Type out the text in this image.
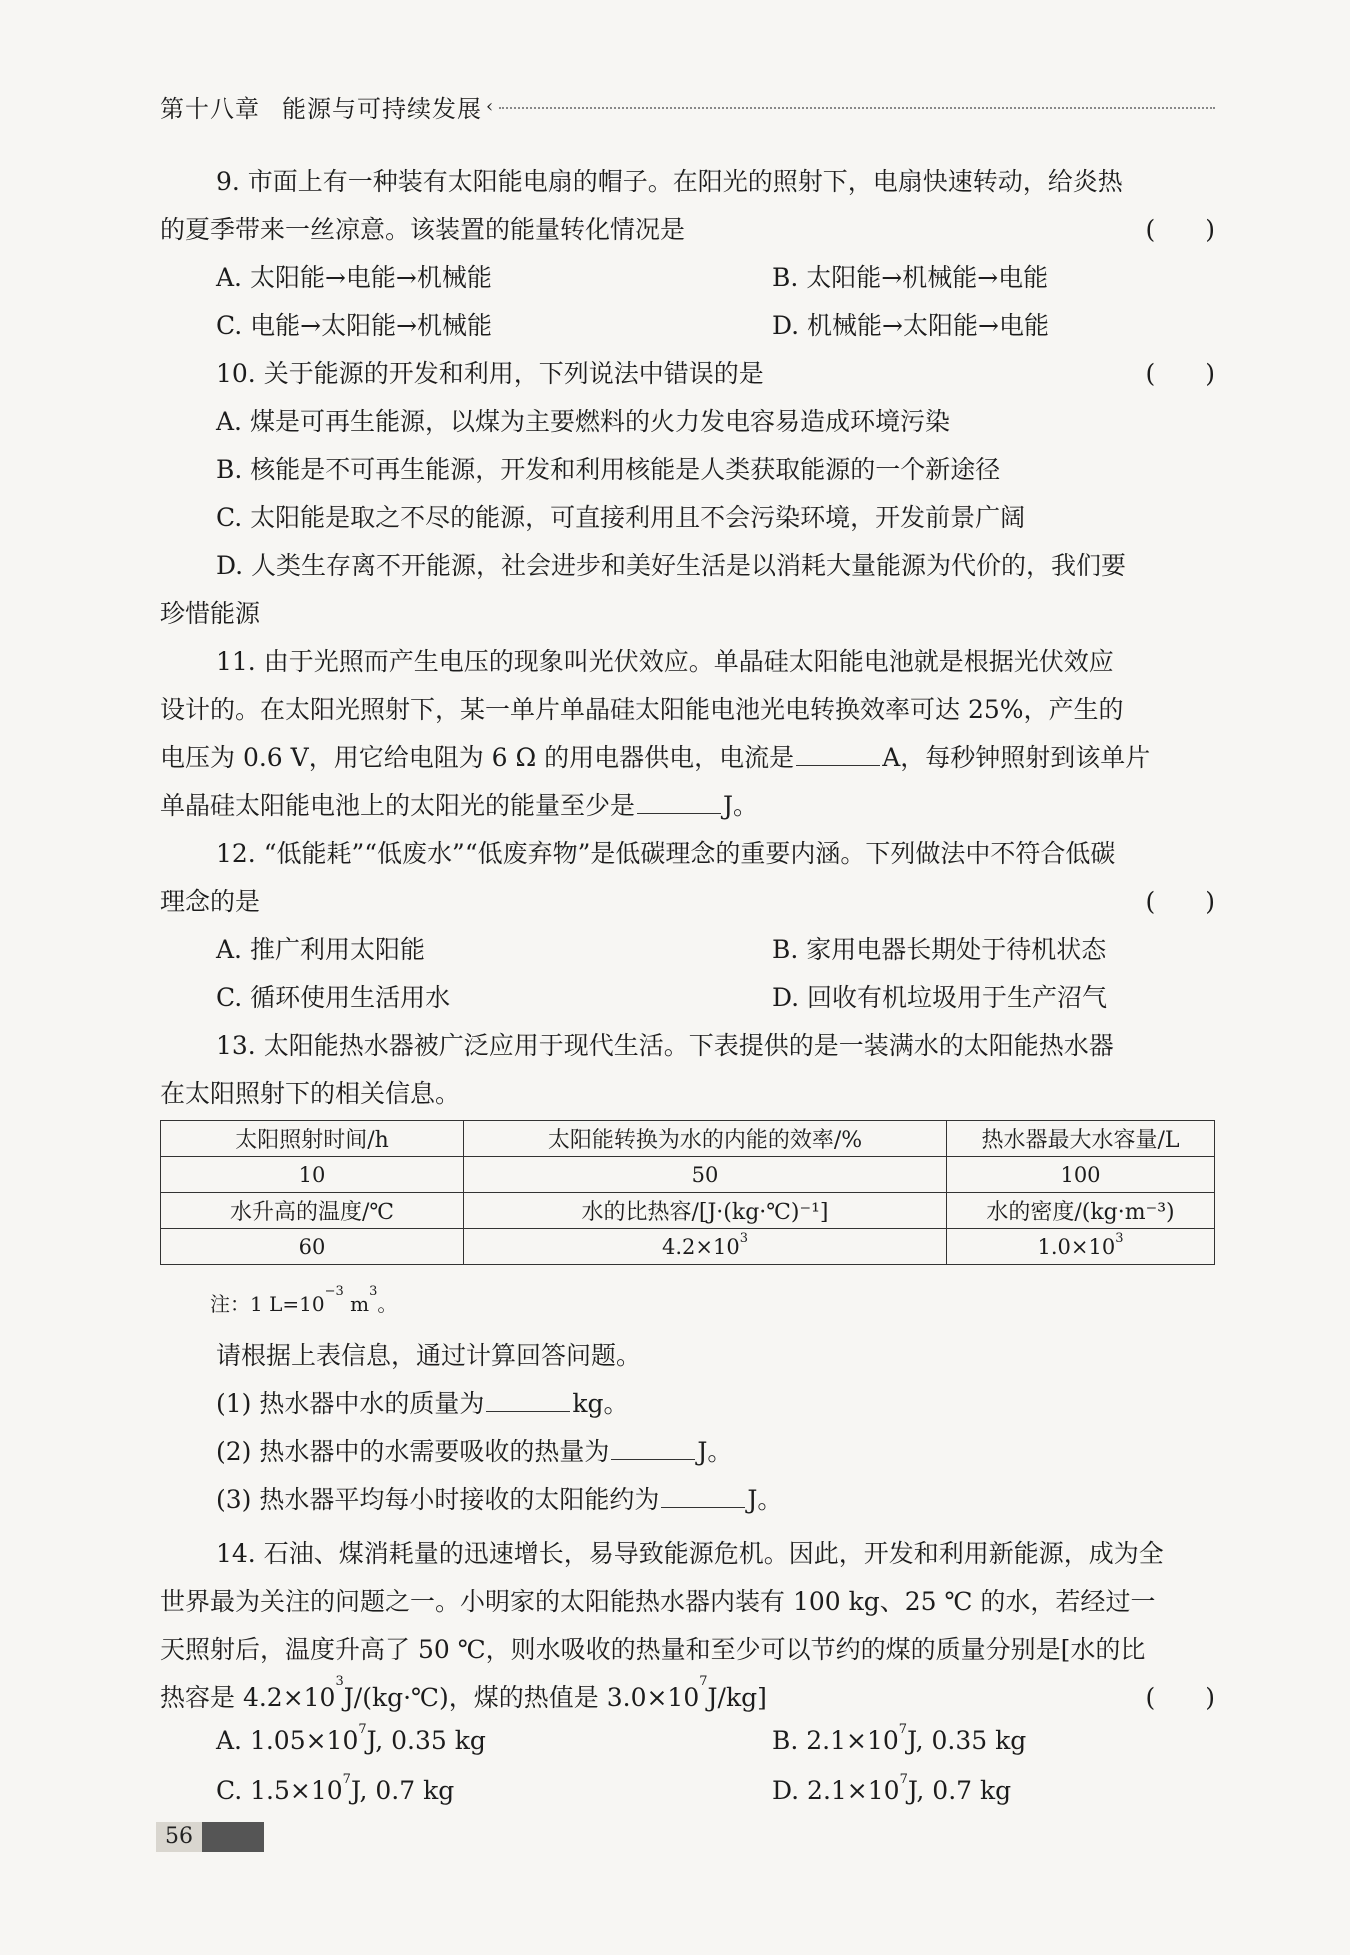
第十八章 能源与可持续发展 ‹
9. 市面上有一种装有太阳能电扇的帽子。在阳光的照射下，电扇快速转动，给炎热
的夏季带来一丝凉意。该装置的能量转化情况是	(　　)
A. 太阳能→电能→机械能	B. 太阳能→机械能→电能
C. 电能→太阳能→机械能	D. 机械能→太阳能→电能
10. 关于能源的开发和利用，下列说法中错误的是	(　　)
A. 煤是可再生能源，以煤为主要燃料的火力发电容易造成环境污染
B. 核能是不可再生能源，开发和利用核能是人类获取能源的一个新途径
C. 太阳能是取之不尽的能源，可直接利用且不会污染环境，开发前景广阔
D. 人类生存离不开能源，社会进步和美好生活是以消耗大量能源为代价的，我们要
珍惜能源
11. 由于光照而产生电压的现象叫光伏效应。单晶硅太阳能电池就是根据光伏效应
设计的。在太阳光照射下，某一单片单晶硅太阳能电池光电转换效率可达 25%，产生的
电压为 0.6 V，用它给电阻为 6 Ω 的用电器供电，电流是	A，每秒钟照射到该单片
单晶硅太阳能电池上的太阳光的能量至少是	J。
12. “低能耗”“低废水”“低废弃物”是低碳理念的重要内涵。下列做法中不符合低碳
理念的是	(　　)
A. 推广利用太阳能	B. 家用电器长期处于待机状态
C. 循环使用生活用水	D. 回收有机垃圾用于生产沼气
13. 太阳能热水器被广泛应用于现代生活。下表提供的是一装满水的太阳能热水器
在太阳照射下的相关信息。
太阳照射时间/h	太阳能转换为水的内能的效率/%	热水器最大水容量/L
10	50	100
水升高的温度/℃	水的比热容/[J·(kg·℃)⁻¹]	水的密度/(kg·m⁻³)
60	$4.2\times 10^3$	$1.0\times 10^3$
注：1 $L=10^{-3}$ $m^3$。
请根据上表信息，通过计算回答问题。
(1) 热水器中水的质量为	kg。
(2) 热水器中的水需要吸收的热量为	J。
(3) 热水器平均每小时接收的太阳能约为	J。
14. 石油、煤消耗量的迅速增长，易导致能源危机。因此，开发和利用新能源，成为全
世界最为关注的问题之一。小明家的太阳能热水器内装有 100 kg、25 ℃ 的水，若经过一
天照射后，温度升高了 50 ℃，则水吸收的热量和至少可以节约的煤的质量分别是[水的比
热容是 $4.2\times 10^3J/(kg\cdot℃)$，煤的热值是 $3.0\times 10^7J/kg$]	(　　)
A. $1.05\times 10^7J$, 0.35 kg	B. $2.1\times 10^7J$, 0.35 kg
C. $1.5\times 10^7J$, 0.7 kg	D. $2.1\times 10^7J$, 0.7 kg
56
